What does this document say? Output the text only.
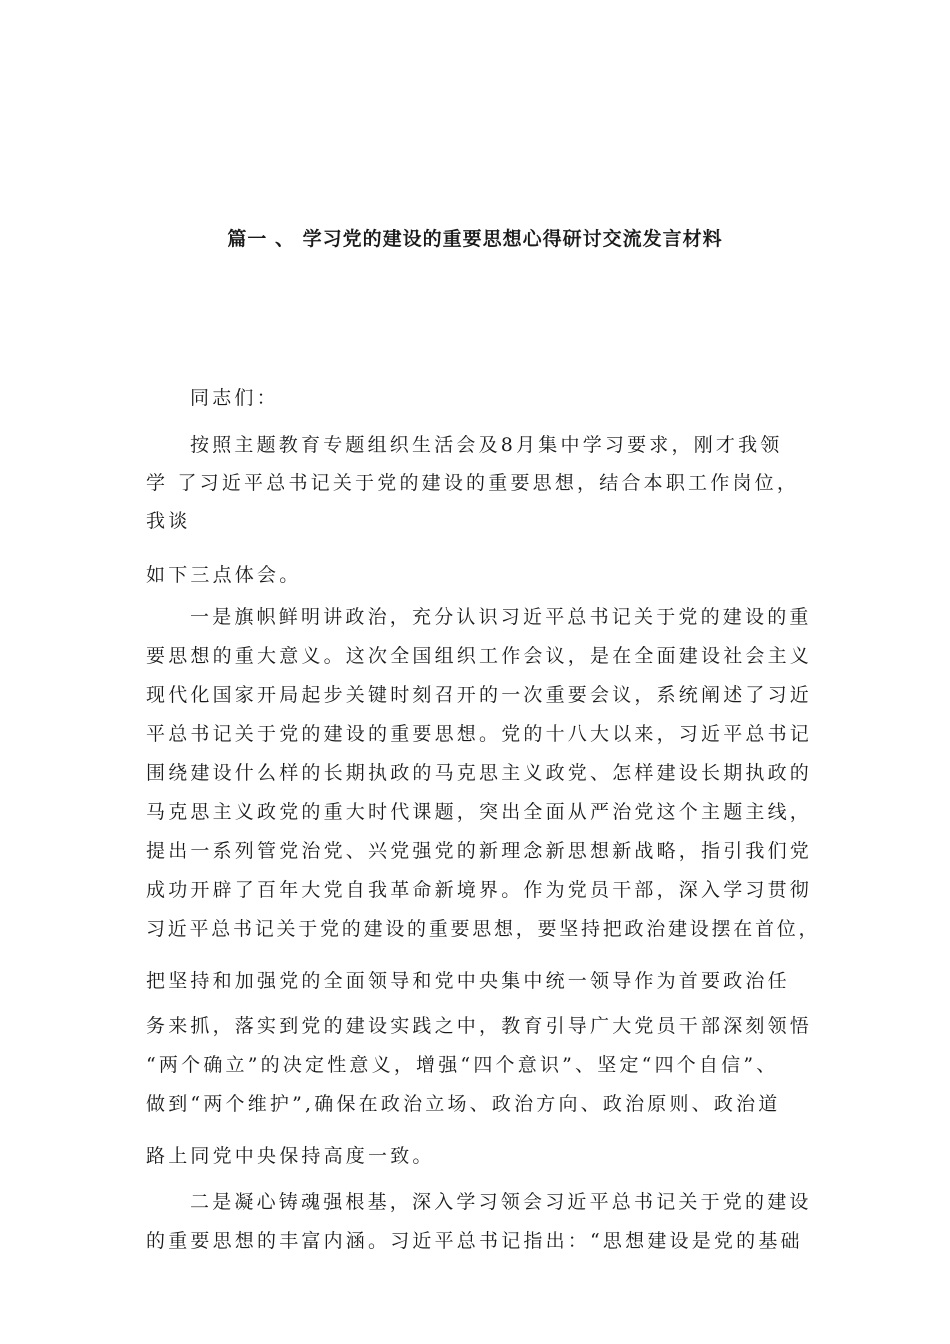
篇一 、 学习党的建设的重要思想心得研讨交流发言材料
同志们：
按照主题教育专题组织生活会及8月集中学习要求，刚才我领
学 了习近平总书记关于党的建设的重要思想，结合本职工作岗位，
我谈
如下三点体会。
一是旗帜鲜明讲政治，充分认识习近平总书记关于党的建设的重
要思想的重大意义。这次全国组织工作会议，是在全面建设社会主义
现代化国家开局起步关键时刻召开的一次重要会议，系统阐述了习近
平总书记关于党的建设的重要思想。党的十八大以来，习近平总书记
围绕建设什么样的长期执政的马克思主义政党、怎样建设长期执政的
马克思主义政党的重大时代课题，突出全面从严治党这个主题主线，
提出一系列管党治党、兴党强党的新理念新思想新战略，指引我们党
成功开辟了百年大党自我革命新境界。作为党员干部，深入学习贯彻
习近平总书记关于党的建设的重要思想，要坚持把政治建设摆在首位，
把坚持和加强党的全面领导和党中央集中统一领导作为首要政治任
务来抓，落实到党的建设实践之中，教育引导广大党员干部深刻领悟
“两个确立”的决定性意义，增强“四个意识”、坚定“四个自信”、
做到“两个维护”,确保在政治立场、政治方向、政治原则、政治道
路上同党中央保持高度一致。
二是凝心铸魂强根基，深入学习领会习近平总书记关于党的建设
的重要思想的丰富内涵。习近平总书记指出：“思想建设是党的基础
